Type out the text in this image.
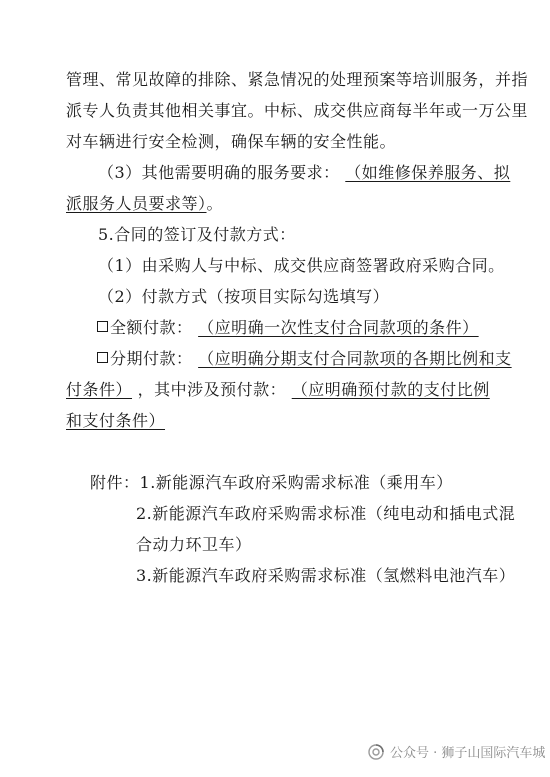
管理、常见故障的排除、紧急情况的处理预案等培训服务，并指
派专人负责其他相关事宜。中标、成交供应商每半年或一万公里
对车辆进行安全检测，确保车辆的安全性能。
（3）其他需要明确的服务要求： （如维修保养服务、拟
派服务人员要求等）。
5.合同的签订及付款方式：
（1）由采购人与中标、成交供应商签署政府采购合同。
（2）付款方式（按项目实际勾选填写）
全额付款： （应明确一次性支付合同款项的条件）
分期付款： （应明确分期支付合同款项的各期比例和支
付条件） ，其中涉及预付款： （应明确预付款的支付比例
和支付条件）
附件：1.新能源汽车政府采购需求标准（乘用车）
2.新能源汽车政府采购需求标准（纯电动和插电式混
合动力环卫车）
3.新能源汽车政府采购需求标准（氢燃料电池汽车）
公众号 · 狮子山国际汽车城
